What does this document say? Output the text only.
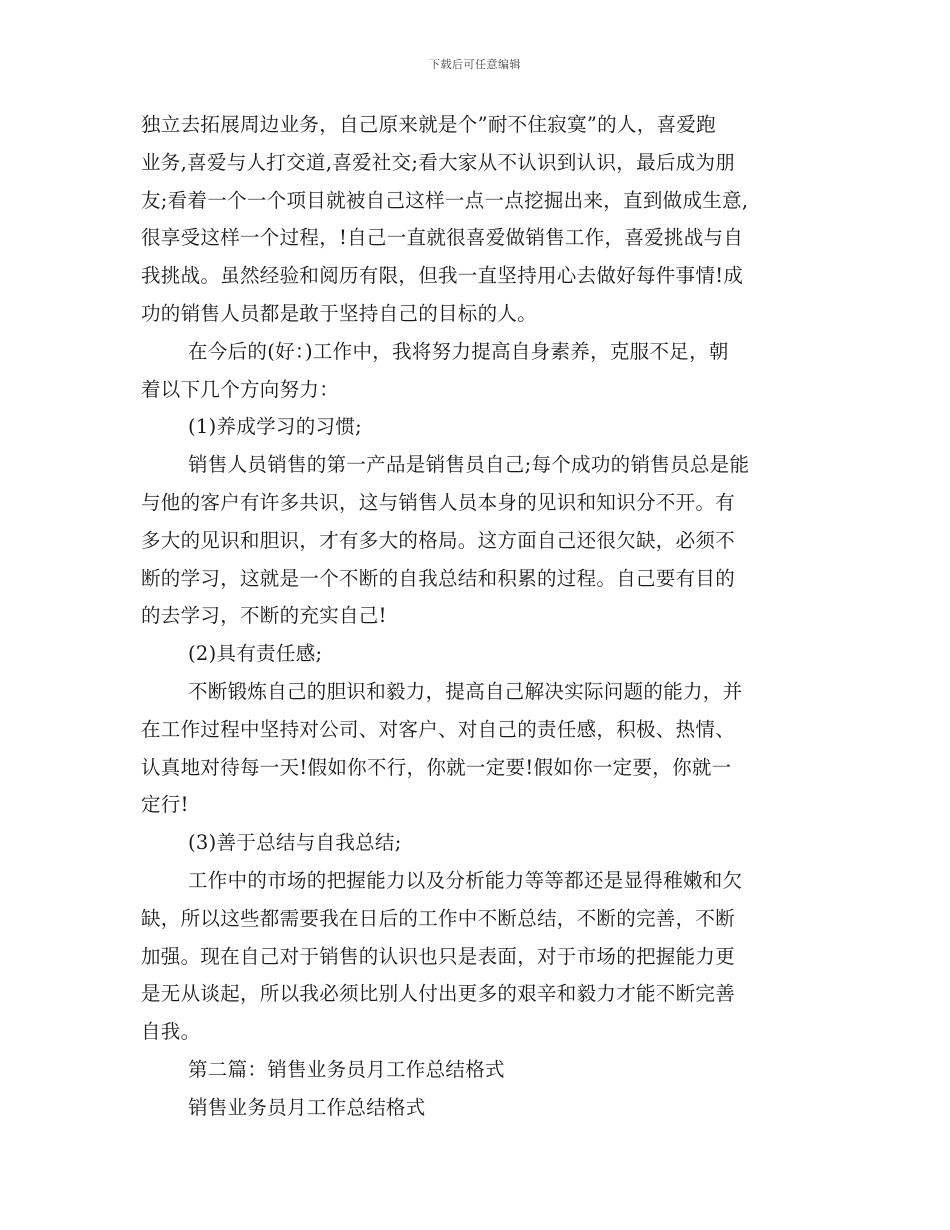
下载后可任意编辑
独立去拓展周边业务，自己原来就是个”耐不住寂寞”的人，喜爱跑
业务,喜爱与人打交道,喜爱社交;看大家从不认识到认识，最后成为朋
友;看着一个一个项目就被自己这样一点一点挖掘出来，直到做成生意,
很享受这样一个过程，!自己一直就很喜爱做销售工作，喜爱挑战与自
我挑战。虽然经验和阅历有限，但我一直坚持用心去做好每件事情!成
功的销售人员都是敢于坚持自己的目标的人。
在今后的(好：)工作中，我将努力提高自身素养，克服不足，朝
着以下几个方向努力：
(1)养成学习的习惯;
销售人员销售的第一产品是销售员自己;每个成功的销售员总是能
与他的客户有许多共识，这与销售人员本身的见识和知识分不开。有
多大的见识和胆识，才有多大的格局。这方面自己还很欠缺，必须不
断的学习，这就是一个不断的自我总结和积累的过程。自己要有目的
的去学习，不断的充实自己!
(2)具有责任感;
不断锻炼自己的胆识和毅力，提高自己解决实际问题的能力，并
在工作过程中坚持对公司、对客户、对自己的责任感，积极、热情、
认真地对待每一天!假如你不行，你就一定要!假如你一定要，你就一
定行!
(3)善于总结与自我总结;
工作中的市场的把握能力以及分析能力等等都还是显得稚嫩和欠
缺，所以这些都需要我在日后的工作中不断总结，不断的完善，不断
加强。现在自己对于销售的认识也只是表面，对于市场的把握能力更
是无从谈起，所以我必须比别人付出更多的艰辛和毅力才能不断完善
自我。
第二篇：销售业务员月工作总结格式
销售业务员月工作总结格式
